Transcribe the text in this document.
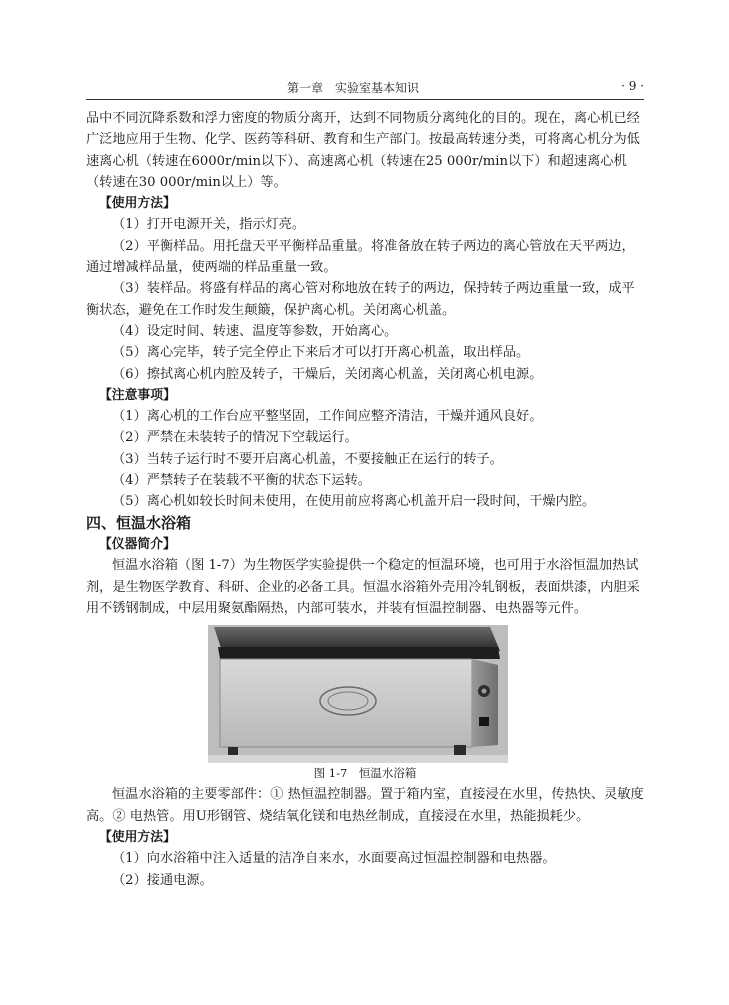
第一章　实验室基本知识	· 9 ·

品中不同沉降系数和浮力密度的物质分离开，达到不同物质分离纯化的目的。现在，离心机已经广泛地应用于生物、化学、医药等科研、教育和生产部门。按最高转速分类，可将离心机分为低速离心机（转速在6000r/min以下）、高速离心机（转速在25 000r/min以下）和超速离心机（转速在30 000r/min以上）等。

【使用方法】

（1）打开电源开关，指示灯亮。

（2）平衡样品。用托盘天平平衡样品重量。将准备放在转子两边的离心管放在天平两边，通过增减样品量，使两端的样品重量一致。

（3）装样品。将盛有样品的离心管对称地放在转子的两边，保持转子两边重量一致，成平衡状态，避免在工作时发生颠簸，保护离心机。关闭离心机盖。

（4）设定时间、转速、温度等参数，开始离心。

（5）离心完毕，转子完全停止下来后才可以打开离心机盖，取出样品。

（6）擦拭离心机内腔及转子，干燥后，关闭离心机盖，关闭离心机电源。

【注意事项】

（1）离心机的工作台应平整坚固，工作间应整齐清洁，干燥并通风良好。

（2）严禁在未装转子的情况下空载运行。

（3）当转子运行时不要开启离心机盖，不要接触正在运行的转子。

（4）严禁转子在装载不平衡的状态下运转。

（5）离心机如较长时间未使用，在使用前应将离心机盖开启一段时间，干燥内腔。

四、恒温水浴箱

【仪器简介】

恒温水浴箱（图 1-7）为生物医学实验提供一个稳定的恒温环境，也可用于水浴恒温加热试剂，是生物医学教育、科研、企业的必备工具。恒温水浴箱外壳用冷轧钢板，表面烘漆，内胆采用不锈钢制成，中层用聚氨酯隔热，内部可装水，并装有恒温控制器、电热器等元件。

图 1-7　恒温水浴箱

恒温水浴箱的主要零部件：① 热恒温控制器。置于箱内室，直接浸在水里，传热快、灵敏度高。② 电热管。用U形钢管、烧结氧化镁和电热丝制成，直接浸在水里，热能损耗少。

【使用方法】

（1）向水浴箱中注入适量的洁净自来水，水面要高过恒温控制器和电热器。

（2）接通电源。
